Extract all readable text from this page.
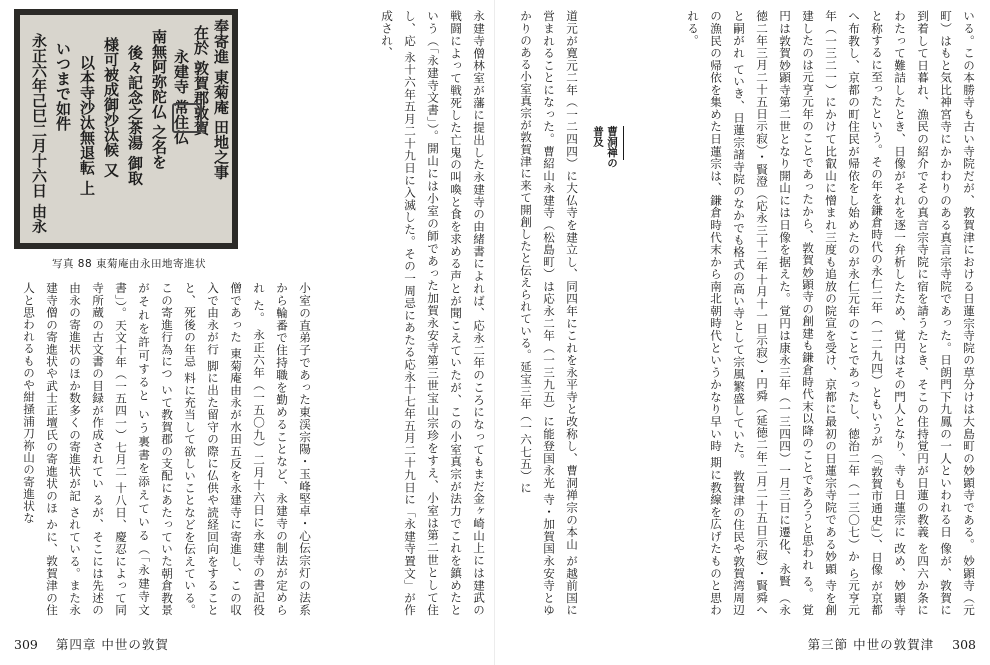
永正六年己巳二月十六日 由永 いつまで如件 以本寺沙汰無退転 上 様可被成御沙汰候 又 後々記念之茶湯 御取 南無阿弥陀仏 之名を 永建寺 常住仏 在於 敦賀郡敦賀 奉寄進 東菊庵 田地之事
写真 88 東菊庵由永田地寄進状	永建寺僧林室が藩に提出した永建寺の由緒書によれば、応永二年のころになってもまだ金ヶ崎山上には建武の 戦闘によって戦死した亡鬼の叫喚と食を求める声とが聞こえていたが、この小室真宗が法力でこれを鎮めたと いう（「永建寺文書」）。開山には小室の師であった加賀永安寺第三世宝山宗珍をすえ、小室は第二世として住し、応 永十六年五月二十九日に入滅した。その一周忌にあたる応永十七年五月二十九日に「永建寺置文」が作成され、
小室の直弟子であった東渓宗陽・玉峰堅卓・心伝宗灯の法系 から輪番で住持職を勤めることなど、永建寺の制法が定められ た。 永正六年（一五〇九）二月十六日に永建寺の書記役僧であった 東菊庵由永が水田五反を永建寺に寄進し、この収入で由永が行 脚に出た留守の際に仏供や読経回向をすることと、死後の年忌 料に充当して欲しいことなどを伝えている。この寄進行為につ いて教賀郡の支配にあたっていた朝倉教景がそれを許可すると いう裏書を添えている（「永建寺文書」）。天文十年（一五四一）七月二 十八日、慶忍によって同寺所蔵の古文書の目録が作成されてい るが、そこには先述の由永の寄進状のほか数多くの寄進状が記 されている。また永建寺僧の寄進状や武士正壇氏の寄進状のほ かに、敦賀津の住人と思われるものや紺掻浦刀祢山の寄進状な
309 第四章 中世の敦賀
いる。この本勝寺も古い寺院だが、敦賀津における日蓮宗寺院の草分けは大島町の妙顕寺である。 妙顕寺（元町）はもと気比神宮寺にかかわりのある真言宗寺院であった。日朗門下九鳳の一人といわれる日 像が、敦賀に到着して日暮れ、漁民の紹介でその真言宗寺院に宿を請うたとき、そこの住持覚円が日蓮の教義 を四六か条にわたって難詰したとき、日像がそれを逐一弁析したため、覚円はその門人となり、寺も日蓮宗に 改め、妙顕寺と称するに至ったという。その年を鎌倉時代の永仁二年（一二九四）ともいうが（『敦賀市通史』）、日像 が京都へ布教し、京都の町住民が帰依をし始めたのが永仁元年のことであったし、徳治二年（一三〇七）か ら元亨元年（一三二一）にかけて比叡山に憎まれ三度も追放の院宣を受け、京都に最初の日蓮宗寺院である妙顕 寺を創建したのは元亨元年のことであったから、敦賀妙顕寺の創建も鎌倉時代末以降のことであろうと思われ る。 覚円は敦賀妙顕寺第二世となり開山には日像を据えた。覚円は康永三年（一三四四）一月三日に遷化、永賢 （永徳二年三月二十五日示寂）・賢澄（応永三十二年十月十一日示寂）・円舜（延徳二年二月二十五日示寂）・賢舜へと嗣がれ ていき、日蓮宗諸寺院のなかでも格式の高い寺として宗風繁盛していた。 敦賀津の住民や敦賀湾周辺の漁民の帰依を集めた日蓮宗は、鎌倉時代末から南北朝時代というかなり早い時 期に教線を広げたものと思われる。
曹洞禅の
普及
道元が寛元二年（一二四四）に大仏寺を建立し、同四年にこれを永平寺と改称し、曹洞禅宗の本山 が越前国に営まれることになった。曹紹山永建寺（松島町）は応永二年（一三九五）に能登国永光 寺・加賀国永安寺とゆかりのある小室真宗が敦賀津に来て開創したと伝えられている。延宝三年（一六七五）に
第三節 中世の敦賀津 308
